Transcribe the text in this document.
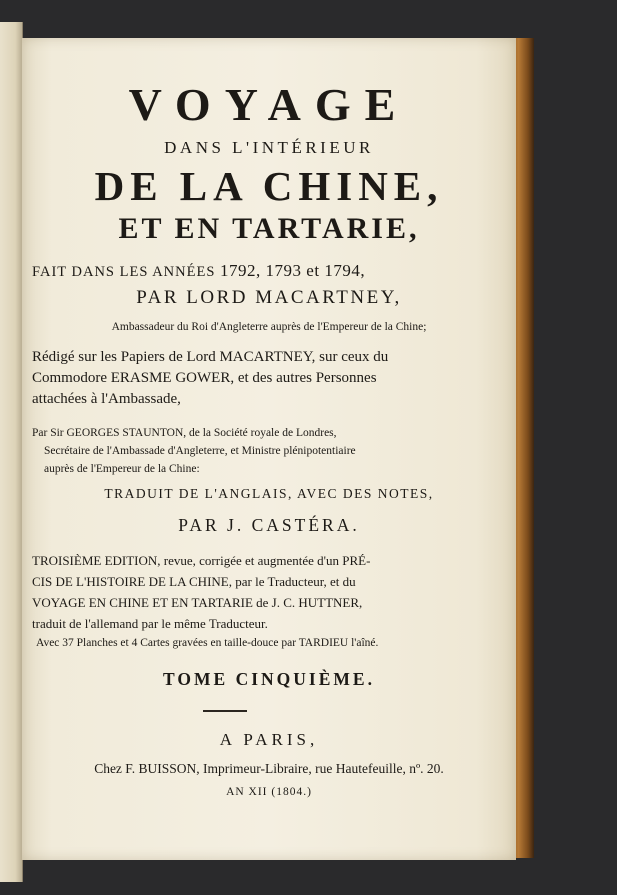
VOYAGE
DANS L'INTÉRIEUR
DE LA CHINE,
ET EN TARTARIE,
FAIT DANS LES ANNÉES 1792, 1793 et 1794,
PAR LORD MACARTNEY,
Ambassadeur du Roi d'Angleterre auprès de l'Empereur de la Chine;
Rédigé sur les Papiers de Lord MACARTNEY, sur ceux du
Commodore ERASME GOWER, et des autres Personnes
attachées à l'Ambassade,
Par Sir GEORGES STAUNTON, de la Société royale de Londres,
Secrétaire de l'Ambassade d'Angleterre, et Ministre plénipotentiaire
auprès de l'Empereur de la Chine:
TRADUIT DE L'ANGLAIS, AVEC DES NOTES,
PAR J. CASTÉRA.
TROISIÈME EDITION, revue, corrigée et augmentée d'un PRÉ-
CIS DE L'HISTOIRE DE LA CHINE, par le Traducteur, et du
VOYAGE EN CHINE ET EN TARTARIE de J. C. HUTTNER,
traduit de l'allemand par le même Traducteur.
Avec 37 Planches et 4 Cartes gravées en taille-douce par TARDIEU l'aîné.
TOME CINQUIÈME.
A PARIS,
Chez F. BUISSON, Imprimeur-Libraire, rue Hautefeuille, nº. 20.
AN XII (1804.)
